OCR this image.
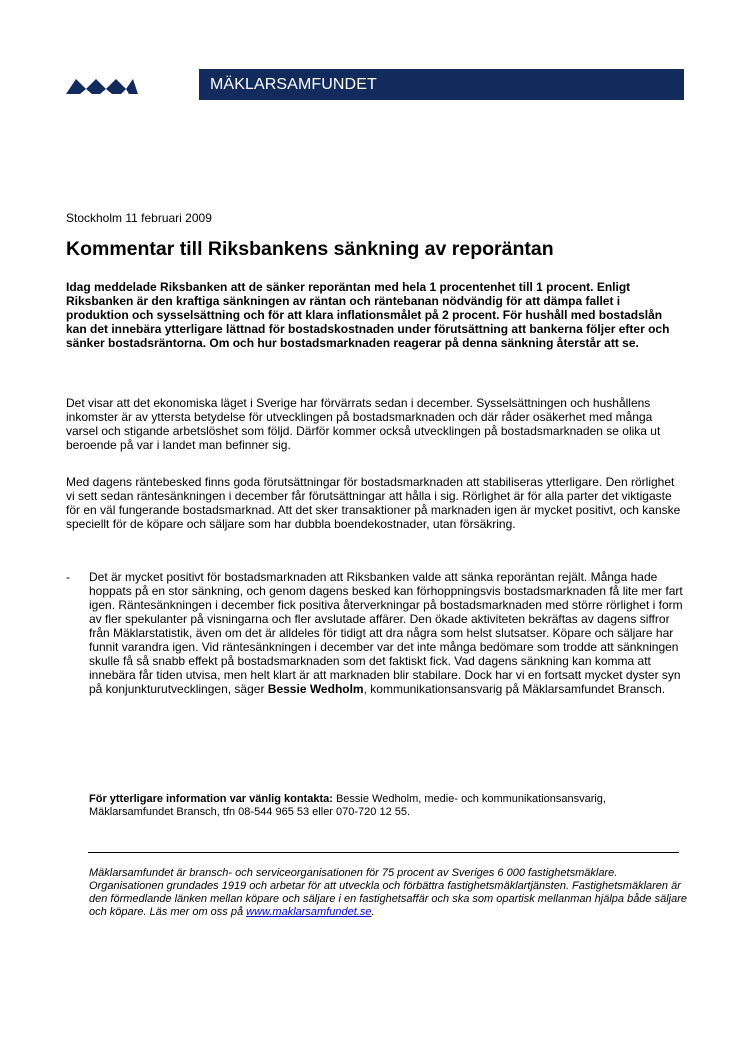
MÄKLARSAMFUNDET
Stockholm 11 februari 2009
Kommentar till Riksbankens sänkning av reporäntan

Idag meddelade Riksbanken att de sänker reporäntan med hela 1 procentenhet till 1 procent. Enligt Riksbanken är den kraftiga sänkningen av räntan och räntebanan nödvändig för att dämpa fallet i produktion och sysselsättning och för att klara inflationsmålet på 2 procent. För hushåll med bostadslån kan det innebära ytterligare lättnad för bostadskostnaden under förutsättning att bankerna följer efter och sänker bostadsräntorna. Om och hur bostadsmarknaden reagerar på denna sänkning återstår att se.

Det visar att det ekonomiska läget i Sverige har förvärrats sedan i december. Sysselsättningen och hushållens inkomster är av yttersta betydelse för utvecklingen på bostadsmarknaden och där råder osäkerhet med många varsel och stigande arbetslöshet som följd. Därför kommer också utvecklingen på bostadsmarknaden se olika ut beroende på var i landet man befinner sig.

Med dagens räntebesked finns goda förutsättningar för bostadsmarknaden att stabiliseras ytterligare. Den rörlighet vi sett sedan räntesänkningen i december får förutsättningar att hålla i sig. Rörlighet är för alla parter det viktigaste för en väl fungerande bostadsmarknad. Att det sker transaktioner på marknaden igen är mycket positivt, och kanske speciellt för de köpare och säljare som har dubbla boendekostnader, utan försäkring.

- Det är mycket positivt för bostadsmarknaden att Riksbanken valde att sänka reporäntan rejält. Många hade hoppats på en stor sänkning, och genom dagens besked kan förhoppningsvis bostadsmarknaden få lite mer fart igen. Räntesänkningen i december fick positiva återverkningar på bostadsmarknaden med större rörlighet i form av fler spekulanter på visningarna och fler avslutade affärer. Den ökade aktiviteten bekräftas av dagens siffror från Mäklarstatistik, även om det är alldeles för tidigt att dra några som helst slutsatser. Köpare och säljare har funnit varandra igen. Vid räntesänkningen i december var det inte många bedömare som trodde att sänkningen skulle få så snabb effekt på bostadsmarknaden som det faktiskt fick. Vad dagens sänkning kan komma att innebära får tiden utvisa, men helt klart är att marknaden blir stabilare. Dock har vi en fortsatt mycket dyster syn på konjunkturutvecklingen, säger Bessie Wedholm, kommunikationsansvarig på Mäklarsamfundet Bransch.

För ytterligare information var vänlig kontakta: Bessie Wedholm, medie- och kommunikationsansvarig, Mäklarsamfundet Bransch, tfn 08-544 965 53 eller 070-720 12 55.

Mäklarsamfundet är bransch- och serviceorganisationen för 75 procent av Sveriges 6 000 fastighetsmäklare. Organisationen grundades 1919 och arbetar för att utveckla och förbättra fastighetsmäklartjänsten. Fastighetsmäklaren är den förmedlande länken mellan köpare och säljare i en fastighetsaffär och ska som opartisk mellanman hjälpa både säljare och köpare. Läs mer om oss på www.maklarsamfundet.se.
